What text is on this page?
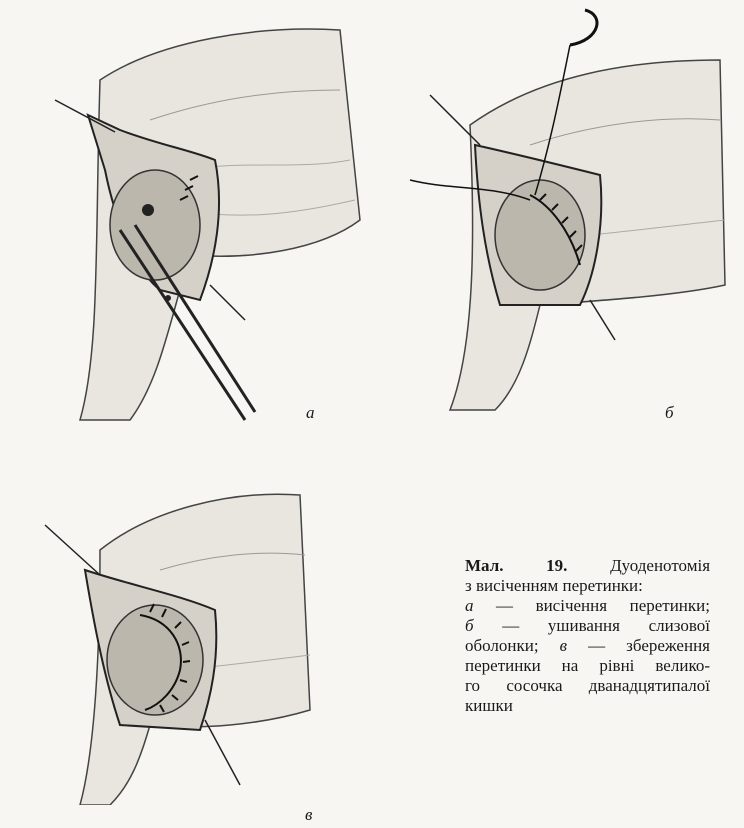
а	б
в
Мал. 19.	Дуоденотомія
з висіченням перетинки:
а — висічення перетинки;
б — ушивання слизової
оболонки; в — збереження
перетинки на рівні велико-
го сосочка дванадцятипалої
кишки
